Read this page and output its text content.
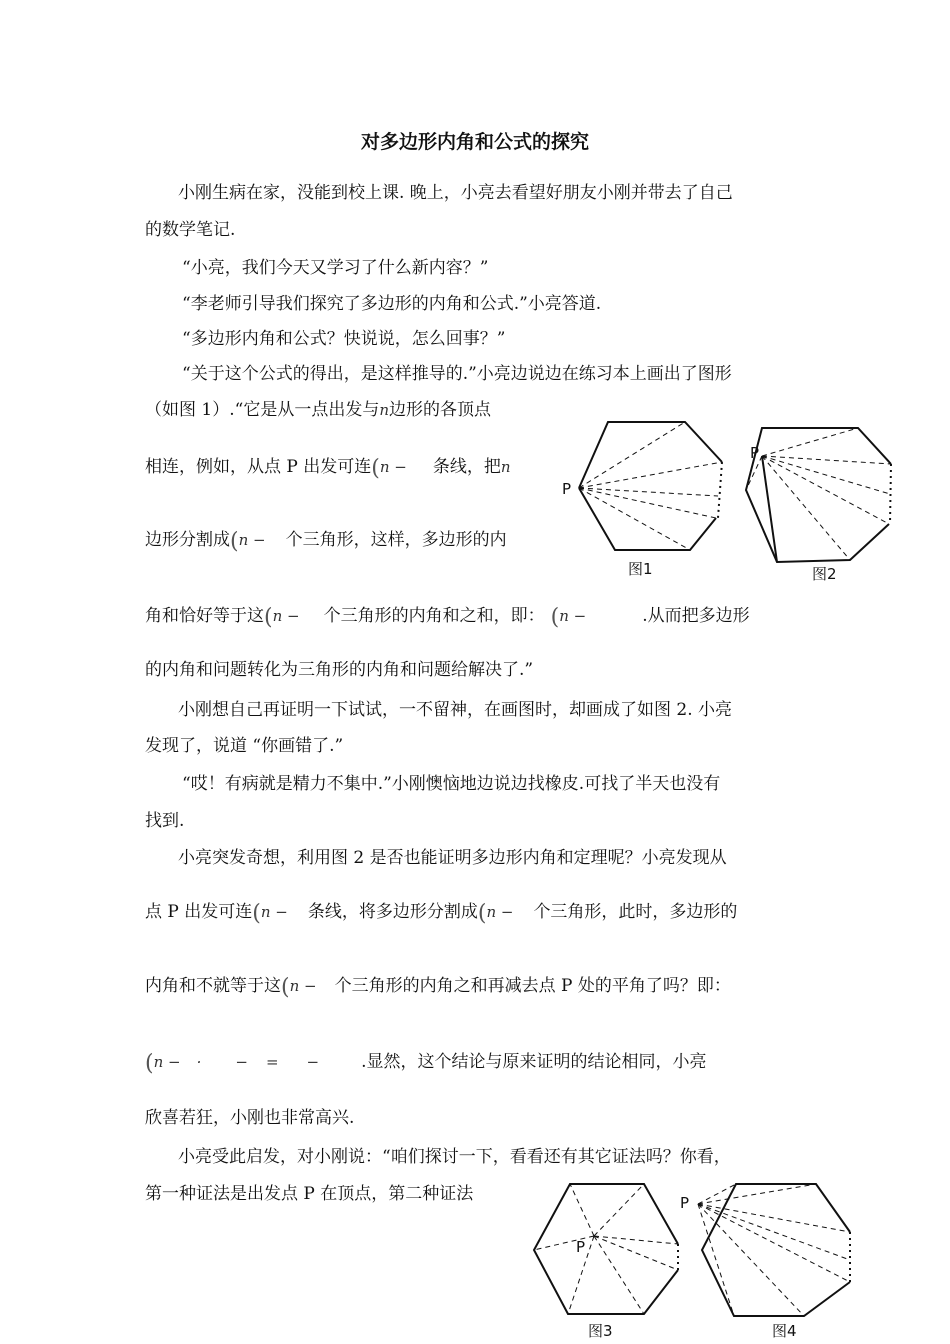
对多边形内角和公式的探究
小刚生病在家，没能到校上课. 晚上，小亮去看望好朋友小刚并带去了自己
的数学笔记.
“小亮，我们今天又学习了什么新内容？”
“李老师引导我们探究了多边形的内角和公式.”小亮答道.
“多边形内角和公式？快说说，怎么回事？”
“关于这个公式的得出，是这样推导的.”小亮边说边在练习本上画出了图形
（如图 1）.“它是从一点出发与n边形的各顶点
相连，例如，从点 P 出发可连(n − 条线，把n
边形分割成(n − 个三角形，这样，多边形的内
角和恰好等于这(n − 个三角形的内角和之和，即： (n −	.从而把多边形
的内角和问题转化为三角形的内角和问题给解决了.”
小刚想自己再证明一下试试，一不留神，在画图时，却画成了如图 2. 小亮
发现了，说道 “你画错了.”
“哎！有病就是精力不集中.”小刚懊恼地边说边找橡皮.可找了半天也没有
找到.
小亮突发奇想，利用图 2 是否也能证明多边形内角和定理呢？小亮发现从
点 P 出发可连(n − 条线，将多边形分割成(n − 个三角形，此时，多边形的
内角和不就等于这(n − 个三角形的内角之和再减去点 P 处的平角了吗？即：
(n − · − = − .显然，这个结论与原来证明的结论相同，小亮
欣喜若狂，小刚也非常高兴.
小亮受此启发，对小刚说：“咱们探讨一下，看看还有其它证法吗？你看，
第一种证法是出发点 P 在顶点，第二种证法
P
图1
P
图2
P
图3
P
图4
